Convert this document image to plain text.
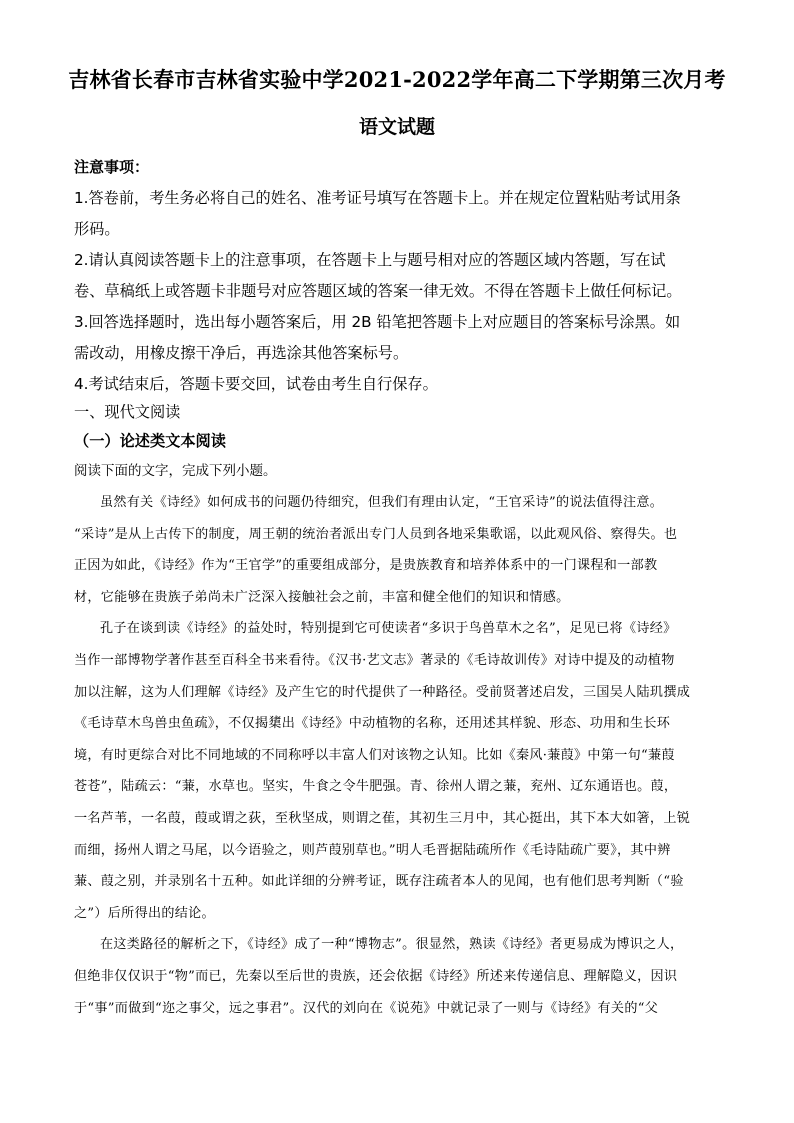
吉林省长春市吉林省实验中学2021-2022学年高二下学期第三次月考
语文试题
注意事项：
1.答卷前，考生务必将自己的姓名、准考证号填写在答题卡上。并在规定位置粘贴考试用条
形码。
2.请认真阅读答题卡上的注意事项，在答题卡上与题号相对应的答题区域内答题，写在试
卷、草稿纸上或答题卡非题号对应答题区域的答案一律无效。不得在答题卡上做任何标记。
3.回答选择题时，选出每小题答案后，用 2B 铅笔把答题卡上对应题目的答案标号涂黑。如
需改动，用橡皮擦干净后，再选涂其他答案标号。
4.考试结束后，答题卡要交回，试卷由考生自行保存。
一、现代文阅读
（一）论述类文本阅读
阅读下面的文字，完成下列小题。
虽然有关《诗经》如何成书的问题仍待细究，但我们有理由认定，“王官采诗”的说法值得注意。
“采诗”是从上古传下的制度，周王朝的统治者派出专门人员到各地采集歌谣，以此观风俗、察得失。也
正因为如此，《诗经》作为“王官学”的重要组成部分，是贵族教育和培养体系中的一门课程和一部教
材，它能够在贵族子弟尚未广泛深入接触社会之前，丰富和健全他们的知识和情感。
孔子在谈到读《诗经》的益处时，特别提到它可使读者“多识于鸟兽草木之名”，足见已将《诗经》
当作一部博物学著作甚至百科全书来看待。《汉书·艺文志》著录的《毛诗故训传》对诗中提及的动植物
加以注解，这为人们理解《诗经》及产生它的时代提供了一种路径。受前贤著述启发，三国吴人陆玑撰成
《毛诗草木鸟兽虫鱼疏》，不仅揭橥出《诗经》中动植物的名称，还用述其样貌、形态、功用和生长环
境，有时更综合对比不同地域的不同称呼以丰富人们对该物之认知。比如《秦风·蒹葭》中第一句“蒹葭
苍苍”，陆疏云：“蒹，水草也。坚实，牛食之令牛肥强。青、徐州人谓之蒹，兖州、辽东通语也。葭，
一名芦苇，一名葭，葭或谓之荻，至秋坚成，则谓之萑，其初生三月中，其心挺出，其下本大如箸，上锐
而细，扬州人谓之马尾，以今语验之，则芦葭别草也。”明人毛晋据陆疏所作《毛诗陆疏广要》，其中辨
蒹、葭之别，并录别名十五种。如此详细的分辨考证，既存注疏者本人的见闻，也有他们思考判断（“验
之”）后所得出的结论。
在这类路径的解析之下，《诗经》成了一种“博物志”。很显然，熟读《诗经》者更易成为博识之人，
但绝非仅仅识于“物”而已，先秦以至后世的贵族，还会依据《诗经》所述来传递信息、理解隐义，因识
于“事”而做到“迩之事父，远之事君”。汉代的刘向在《说苑》中就记录了一则与《诗经》有关的“父
